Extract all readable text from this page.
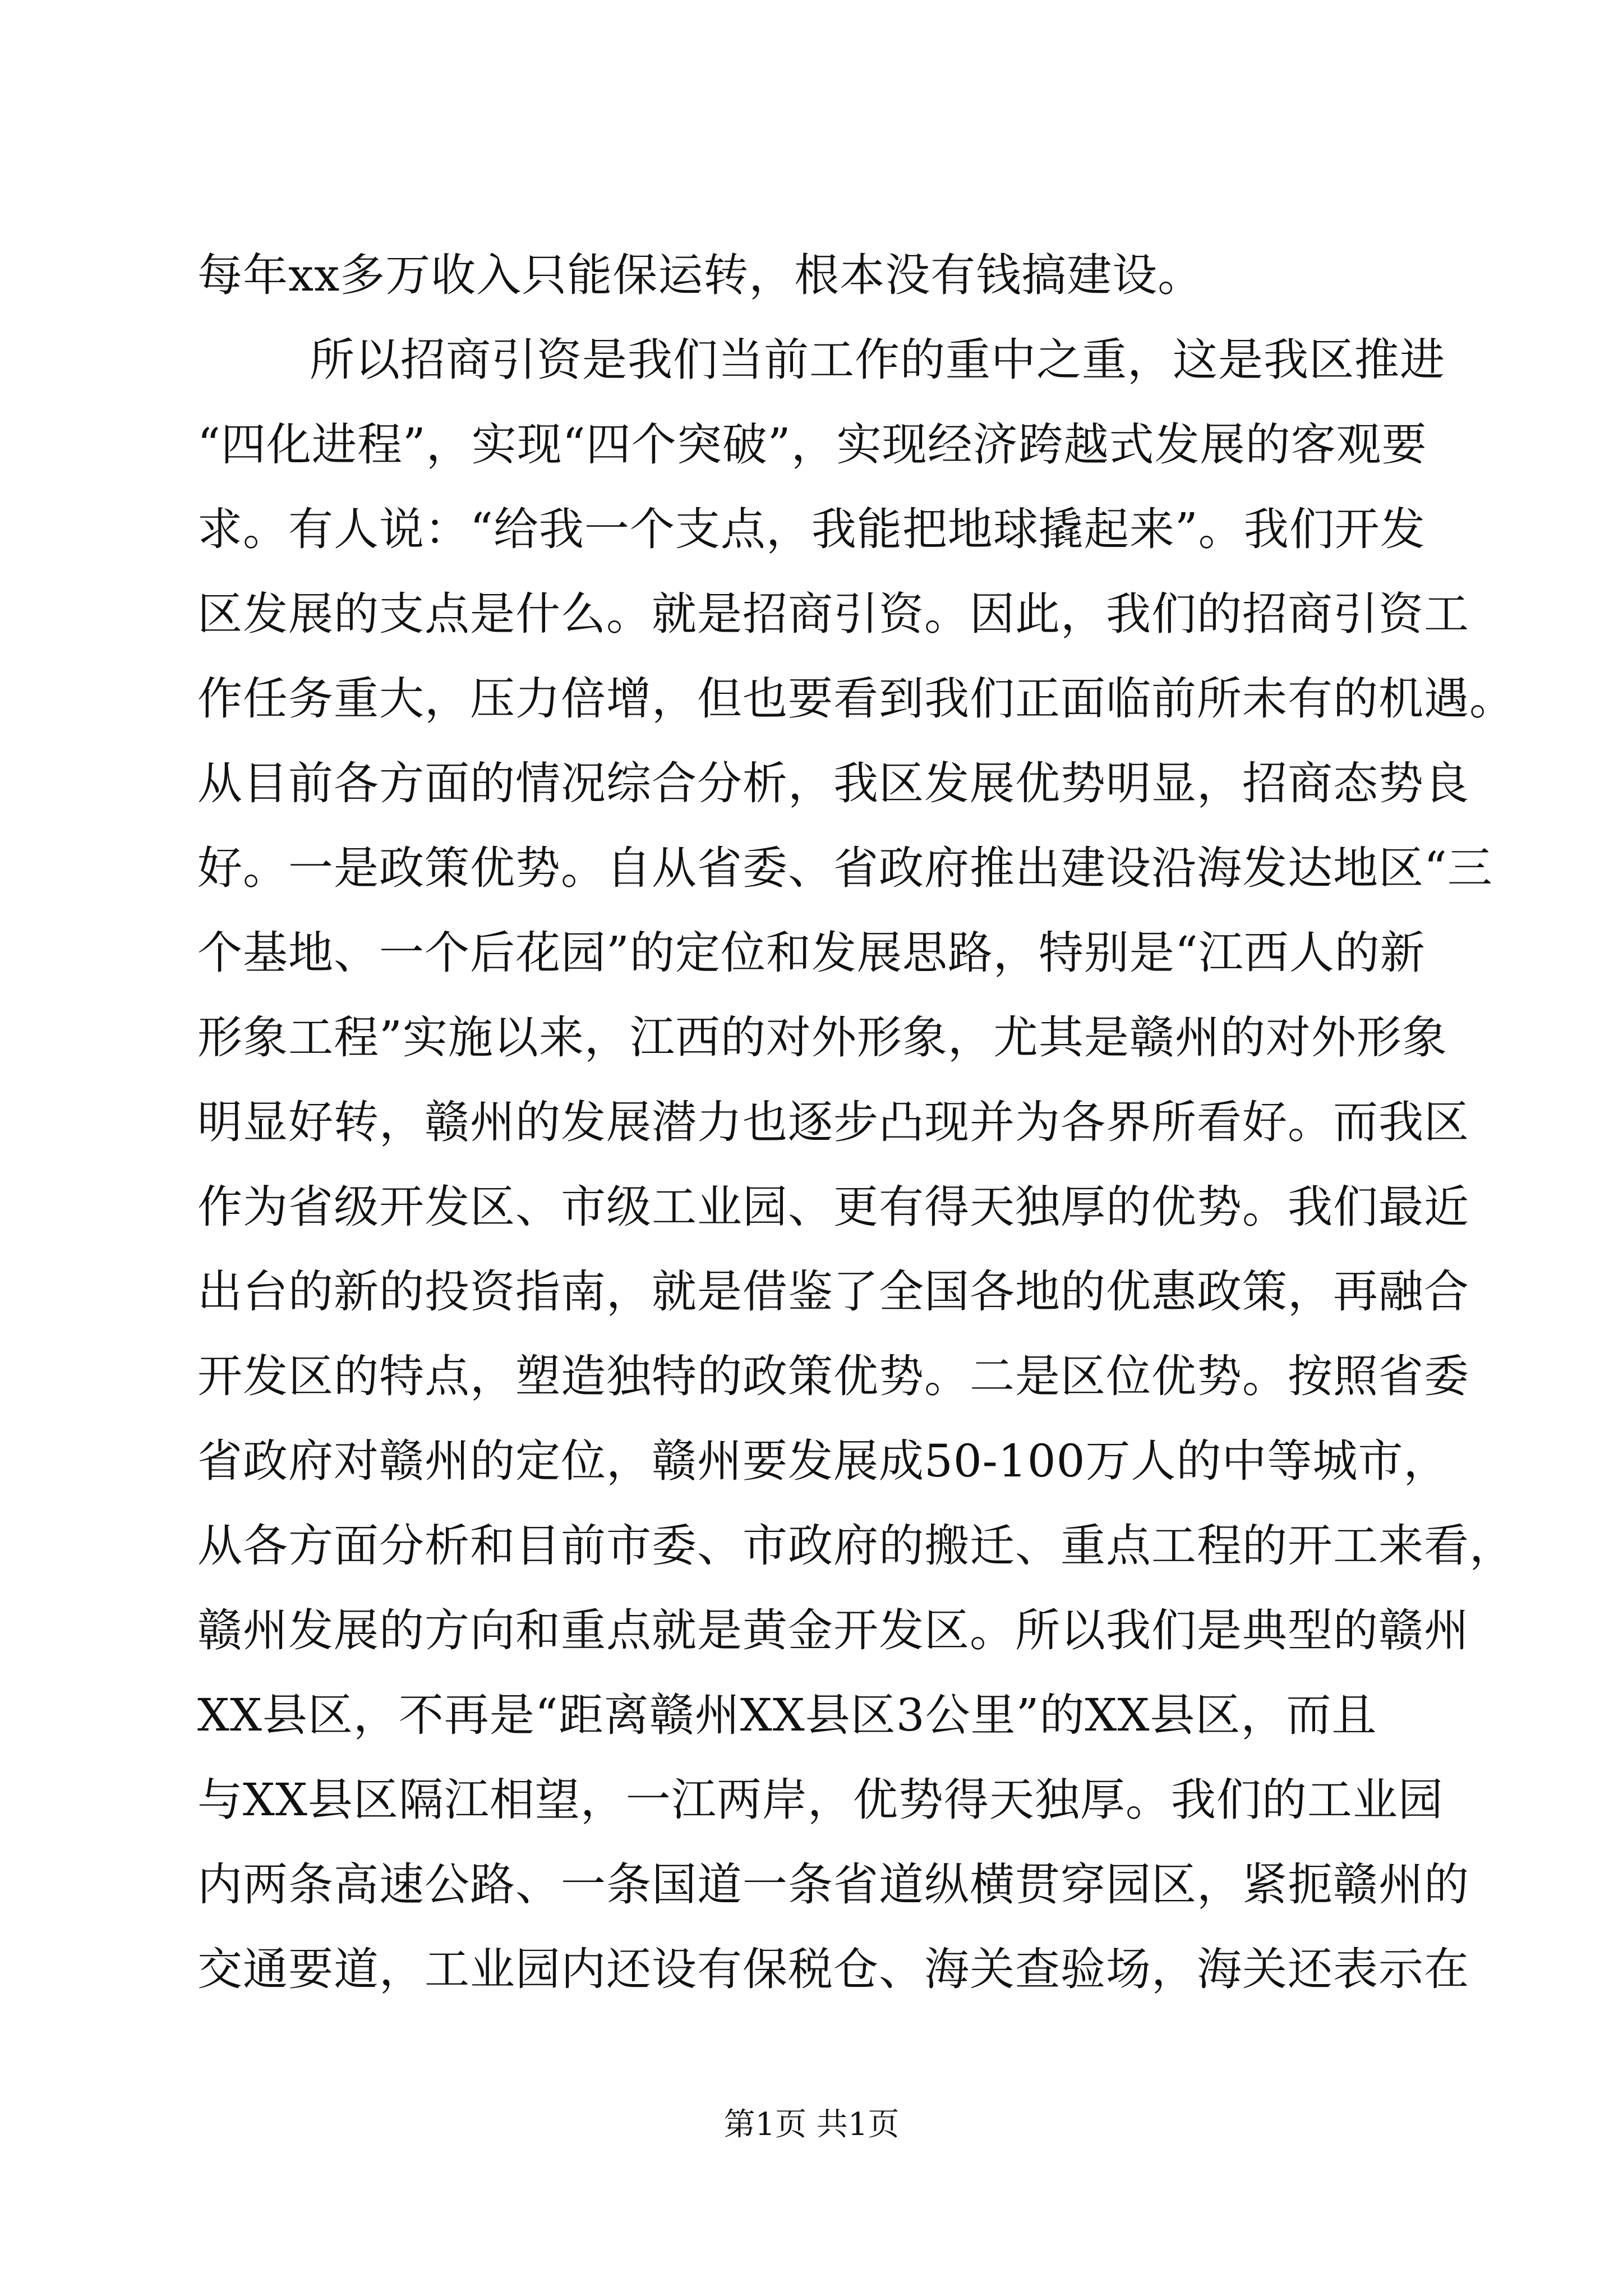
每年xx多万收入只能保运转，根本没有钱搞建设。
所以招商引资是我们当前工作的重中之重，这是我区推进
“四化进程”，实现“四个突破”，实现经济跨越式发展的客观要
求。有人说：“给我一个支点，我能把地球撬起来”。我们开发
区发展的支点是什么。就是招商引资。因此，我们的招商引资工
作任务重大，压力倍增，但也要看到我们正面临前所未有的机遇。
从目前各方面的情况综合分析，我区发展优势明显，招商态势良
好。一是政策优势。自从省委、省政府推出建设沿海发达地区“三
个基地、一个后花园”的定位和发展思路，特别是“江西人的新
形象工程”实施以来，江西的对外形象，尤其是赣州的对外形象
明显好转，赣州的发展潜力也逐步凸现并为各界所看好。而我区
作为省级开发区、市级工业园、更有得天独厚的优势。我们最近
出台的新的投资指南，就是借鉴了全国各地的优惠政策，再融合
开发区的特点，塑造独特的政策优势。二是区位优势。按照省委
省政府对赣州的定位，赣州要发展成50-100万人的中等城市，
从各方面分析和目前市委、市政府的搬迁、重点工程的开工来看，
赣州发展的方向和重点就是黄金开发区。所以我们是典型的赣州
XX县区，不再是“距离赣州XX县区3公里”的XX县区，而且
与XX县区隔江相望，一江两岸，优势得天独厚。我们的工业园
内两条高速公路、一条国道一条省道纵横贯穿园区，紧扼赣州的
交通要道，工业园内还设有保税仓、海关查验场，海关还表示在
第1页 共1页
